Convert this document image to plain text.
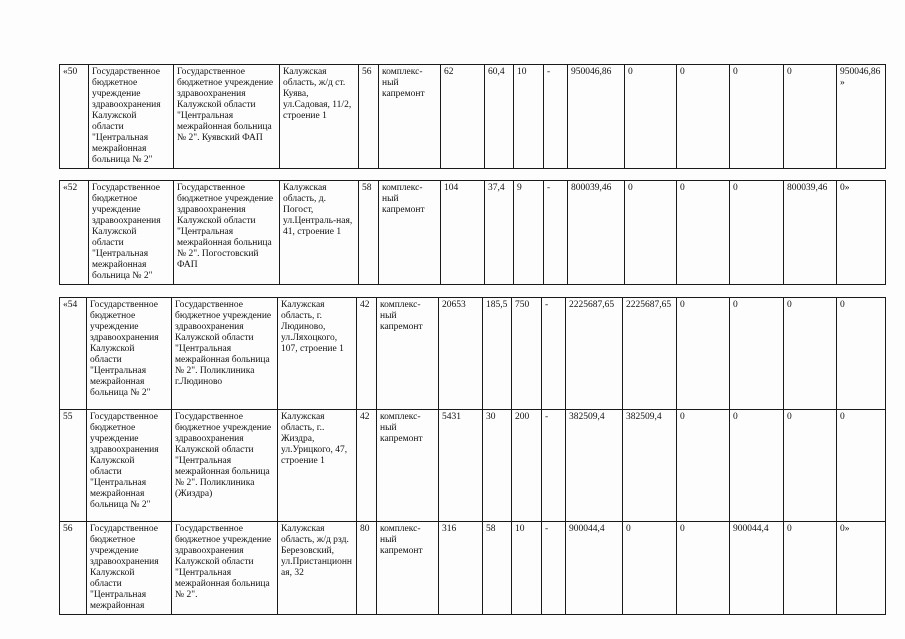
«50	Государственное бюджетное учреждение здравоохранения Калужской области "Центральная межрайонная больница № 2"	Государственное бюджетное учреждение здравоохранения Калужской области "Центральная межрайонная больница № 2". Куявский ФАП	Калужская область, ж/д ст. Куява, ул.Садовая, 11/2, строение 1	56	комплекс-ный капремонт	62	60,4	10	-	950046,86	0	0	0	0	950046,86»
«52	Государственное бюджетное учреждение здравоохранения Калужской области "Центральная межрайонная больница № 2"	Государственное бюджетное учреждение здравоохранения Калужской области "Центральная межрайонная больница № 2". Погостовский ФАП	Калужская область, д. Погост, ул.Централь-ная, 41, строение 1	58	комплекс-ный капремонт	104	37,4	9	-	800039,46	0	0	0	800039,46	0»
«54	Государственное бюджетное учреждение здравоохранения Калужской области "Центральная межрайонная больница № 2"	Государственное бюджетное учреждение здравоохранения Калужской области "Центральная межрайонная больница № 2". Поликлиника г.Людиново	Калужская область, г. Людиново, ул.Ляхоцкого, 107, строение 1	42	комплекс-ный капремонт	20653	185,5	750	-	2225687,65	2225687,65	0	0	0	0
55	Государственное бюджетное учреждение здравоохранения Калужской области "Центральная межрайонная больница № 2"	Государственное бюджетное учреждение здравоохранения Калужской области "Центральная межрайонная больница № 2". Поликлиника (Жиздра)	Калужская область, г.. Жиздра, ул.Урицкого, 47, строение 1	42	комплекс-ный капремонт	5431	30	200	-	382509,4	382509,4	0	0	0	0
56	Государственное бюджетное учреждение здравоохранения Калужской области "Центральная межрайонная	Государственное бюджетное учреждение здравоохранения Калужской области "Центральная межрайонная больница № 2".	Калужская область, ж/д рзд. Березовский, ул.Пристанционная, 32	80	комплекс-ный капремонт	316	58	10	-	900044,4	0	0	900044,4	0	0»
